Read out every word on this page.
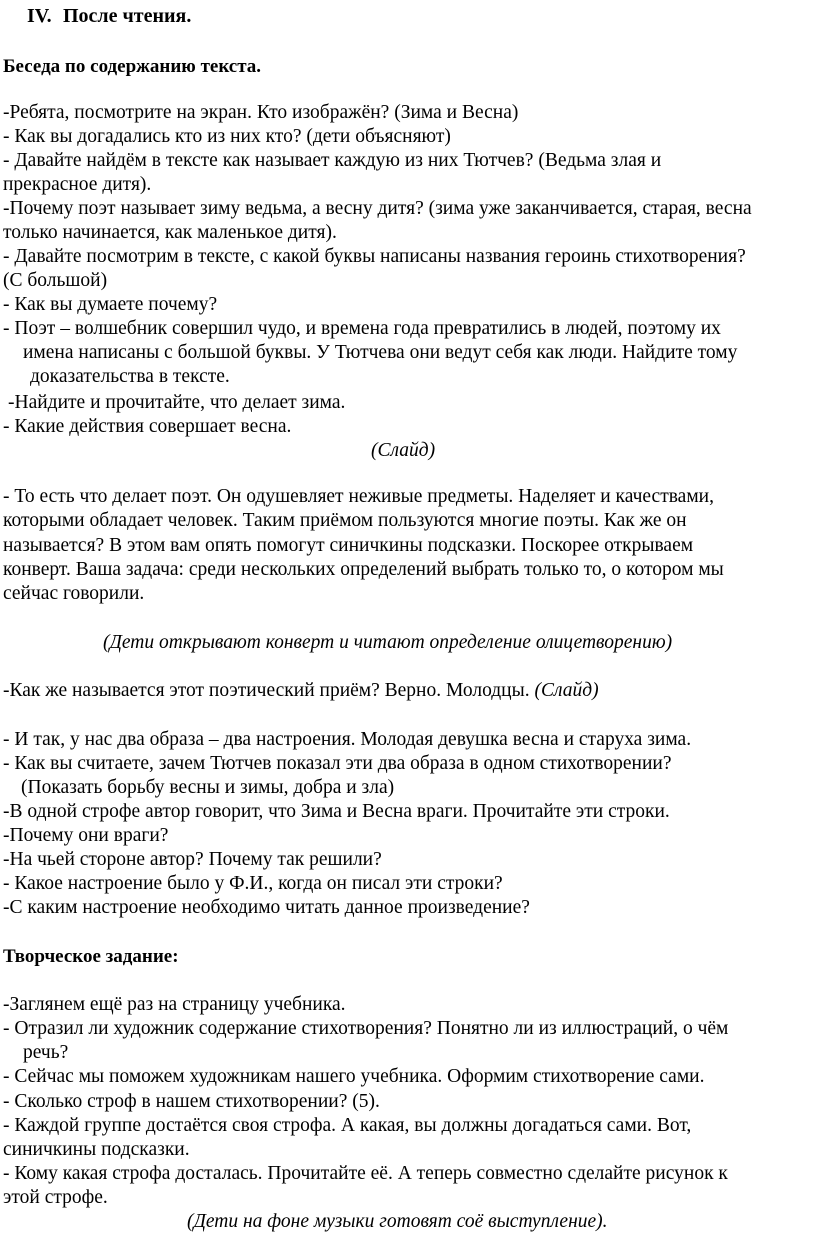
IV. После чтения.
Беседа по содержанию текста.
-Ребята, посмотрите на экран. Кто изображён? (Зима и Весна)
- Как вы догадались кто из них кто? (дети объясняют)
- Давайте найдём в тексте как называет каждую из них Тютчев? (Ведьма злая и
прекрасное дитя).
-Почему поэт называет зиму ведьма, а весну дитя? (зима уже заканчивается, старая, весна
только начинается, как маленькое дитя).
- Давайте посмотрим в тексте, с какой буквы написаны названия героинь стихотворения?
(С большой)
- Как вы думаете почему?
- Поэт – волшебник совершил чудо, и времена года превратились в людей, поэтому их
имена написаны с большой буквы. У Тютчева они ведут себя как люди. Найдите тому
доказательства в тексте.
-Найдите и прочитайте, что делает зима.
- Какие действия совершает весна.
(Слайд)
- То есть что делает поэт. Он одушевляет неживые предметы. Наделяет и качествами,
которыми обладает человек. Таким приёмом пользуются многие поэты. Как же он
называется? В этом вам опять помогут синичкины подсказки. Поскорее открываем
конверт. Ваша задача: среди нескольких определений выбрать только то, о котором мы
сейчас говорили.
(Дети открывают конверт и читают определение олицетворению)
-Как же называется этот поэтический приём? Верно. Молодцы. (Слайд)
- И так, у нас два образа – два настроения. Молодая девушка весна и старуха зима.
- Как вы считаете, зачем Тютчев показал эти два образа в одном стихотворении?
(Показать борьбу весны и зимы, добра и зла)
-В одной строфе автор говорит, что Зима и Весна враги. Прочитайте эти строки.
-Почему они враги?
-На чьей стороне автор? Почему так решили?
- Какое настроение было у Ф.И., когда он писал эти строки?
-С каким настроение необходимо читать данное произведение?
Творческое задание:
-Заглянем ещё раз на страницу учебника.
- Отразил ли художник содержание стихотворения? Понятно ли из иллюстраций, о чём
речь?
- Сейчас мы поможем художникам нашего учебника. Оформим стихотворение сами.
- Сколько строф в нашем стихотворении? (5).
- Каждой группе достаётся своя строфа. А какая, вы должны догадаться сами. Вот,
синичкины подсказки.
- Кому какая строфа досталась. Прочитайте её. А теперь совместно сделайте рисунок к
этой строфе.
(Дети на фоне музыки готовят соё выступление).
